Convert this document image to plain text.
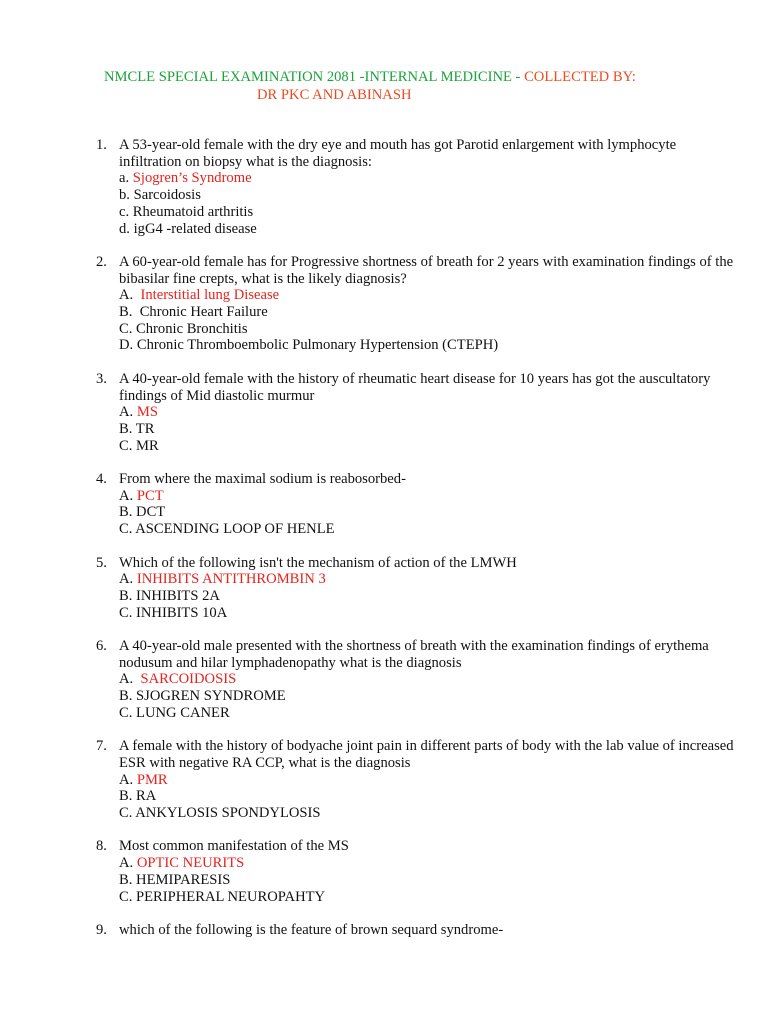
NMCLE SPECIAL EXAMINATION 2081 -INTERNAL MEDICINE - COLLECTED BY:
DR PKC AND ABINASH
1. A 53-year-old female with the dry eye and mouth has got Parotid enlargement with lymphocyte infiltration on biopsy what is the diagnosis:
a. Sjogren’s Syndrome
b. Sarcoidosis
c. Rheumatoid arthritis
d. igG4 -related disease
2. A 60-year-old female has for Progressive shortness of breath for 2 years with examination findings of the bibasilar fine crepts, what is the likely diagnosis?
A.  Interstitial lung Disease
B.  Chronic Heart Failure
C. Chronic Bronchitis
D. Chronic Thromboembolic Pulmonary Hypertension (CTEPH)
3. A 40-year-old female with the history of rheumatic heart disease for 10 years has got the auscultatory findings of Mid diastolic murmur
A. MS
B. TR
C. MR
4. From where the maximal sodium is reabosorbed-
A. PCT
B. DCT
C. ASCENDING LOOP OF HENLE
5. Which of the following isn't the mechanism of action of the LMWH
A. INHIBITS ANTITHROMBIN 3
B. INHIBITS 2A
C. INHIBITS 10A
6. A 40-year-old male presented with the shortness of breath with the examination findings of erythema nodusum and hilar lymphadenopathy what is the diagnosis
A.  SARCOIDOSIS
B. SJOGREN SYNDROME
C. LUNG CANER
7. A female with the history of bodyache joint pain in different parts of body with the lab value of increased ESR with negative RA CCP, what is the diagnosis
A. PMR
B. RA
C. ANKYLOSIS SPONDYLOSIS
8. Most common manifestation of the MS
A. OPTIC NEURITS
B. HEMIPARESIS
C. PERIPHERAL NEUROPAHTY
9. which of the following is the feature of brown sequard syndrome-
